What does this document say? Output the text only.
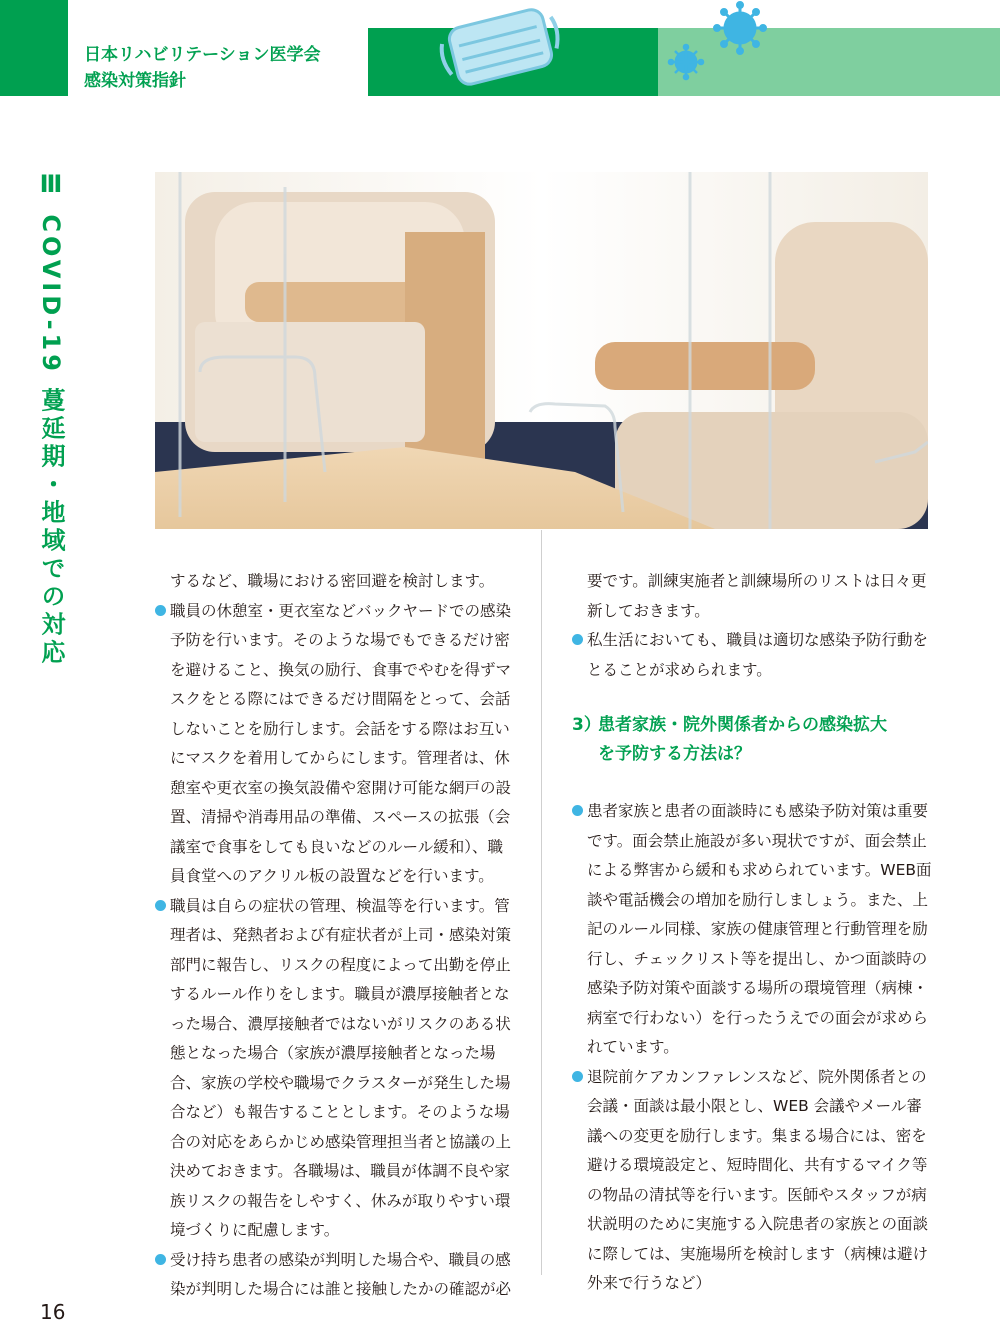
日本リハビリテーション医学会
感染対策指針
Ⅲ COVID-19 蔓延期・地域での対応	するなど、職場における密回避を検討します。

職員の休憩室・更衣室などバックヤードでの感染予防を行います。そのような場でもできるだけ密を避けること、換気の励行、食事でやむを得ずマスクをとる際にはできるだけ間隔をとって、会話しないことを励行します。会話をする際はお互いにマスクを着用してからにします。管理者は、休憩室や更衣室の換気設備や窓開け可能な網戸の設置、清掃や消毒用品の準備、スペースの拡張（会議室で食事をしても良いなどのルール緩和）、職員食堂へのアクリル板の設置などを行います。

職員は自らの症状の管理、検温等を行います。管理者は、発熱者および有症状者が上司・感染対策部門に報告し、リスクの程度によって出勤を停止するルール作りをします。職員が濃厚接触者となった場合、濃厚接触者ではないがリスクのある状態となった場合（家族が濃厚接触者となった場合、家族の学校や職場でクラスターが発生した場合など）も報告することとします。そのような場合の対応をあらかじめ感染管理担当者と協議の上決めておきます。各職場は、職員が体調不良や家族リスクの報告をしやすく、休みが取りやすい環境づくりに配慮します。

受け持ち患者の感染が判明した場合や、職員の感染が判明した場合には誰と接触したかの確認が必

要です。訓練実施者と訓練場所のリストは日々更新しておきます。

私生活においても、職員は適切な感染予防行動をとることが求められます。

3）患者家族・院外関係者からの感染拡大
を予防する方法は？

患者家族と患者の面談時にも感染予防対策は重要です。面会禁止施設が多い現状ですが、面会禁止による弊害から緩和も求められています。WEB面談や電話機会の増加を励行しましょう。また、上記のルール同様、家族の健康管理と行動管理を励行し、チェックリスト等を提出し、かつ面談時の感染予防対策や面談する場所の環境管理（病棟・病室で行わない）を行ったうえでの面会が求められています。

退院前ケアカンファレンスなど、院外関係者との会議・面談は最小限とし、WEB 会議やメール審議への変更を励行します。集まる場合には、密を避ける環境設定と、短時間化、共有するマイク等の物品の清拭等を行います。医師やスタッフが病状説明のために実施する入院患者の家族との面談に際しては、実施場所を検討します（病棟は避け外来で行うなど）

16
